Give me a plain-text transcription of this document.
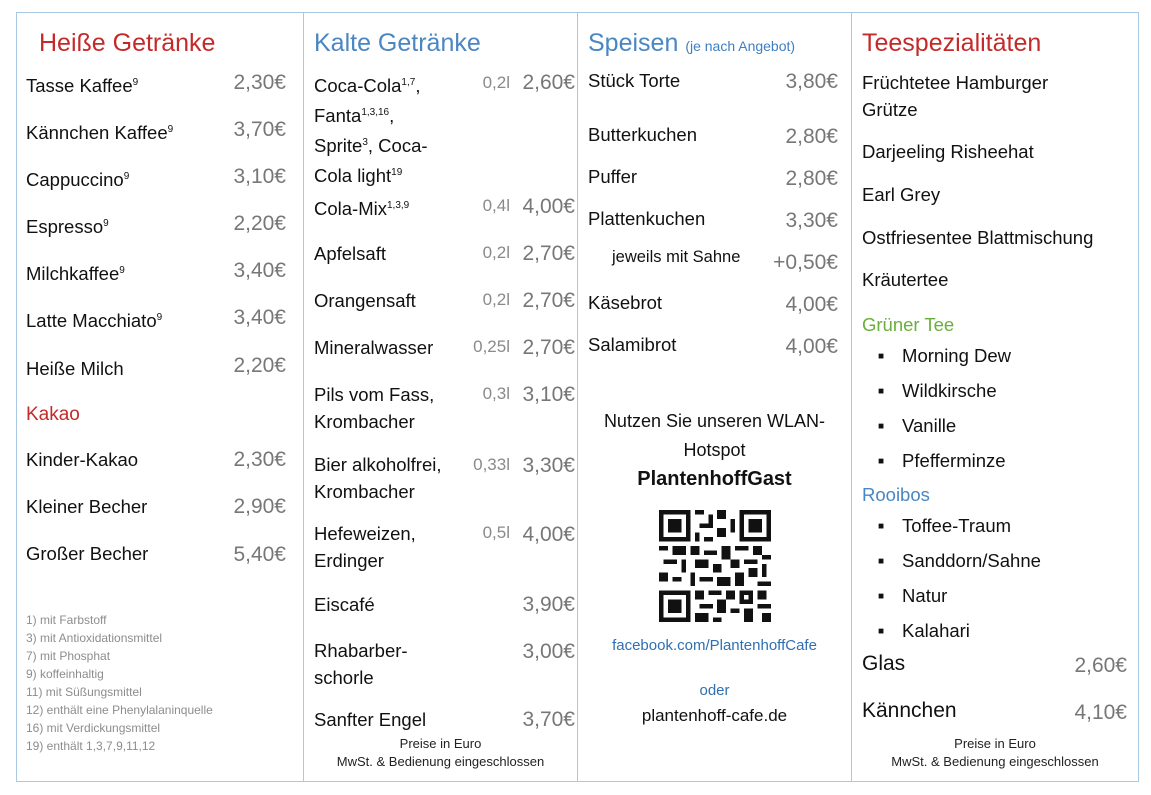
Heiße Getränke
Tasse Kaffee$^9$	2,30€
Kännchen Kaffee$^9$	3,70€
Cappuccino$^9$	3,10€
Espresso$^9$	2,20€
Milchkaffee$^9$	3,40€
Latte Macchiato$^9$	3,40€
Heiße Milch	2,20€
Kakao
Kinder-Kakao	2,30€
Kleiner Becher	2,90€
Großer Becher	5,40€
1) mit Farbstoff
3) mit Antioxidationsmittel
7) mit Phosphat
9) koffeinhaltig
11) mit Süßungsmittel
12) enthält eine Phenylalaninquelle
16) mit Verdickungsmittel
19) enthält 1,3,7,9,11,12
Kalte Getränke
Coca-Cola$^{1,7}$,
Fanta$^{1,3,16}$,
Sprite$^3$, Coca-
Cola light$^{19}$
0,2l 2,60€
Cola-Mix$^{1,3,9}$	0,4l 4,00€
Apfelsaft	0,2l 2,70€
Orangensaft	0,2l 2,70€
Mineralwasser 0,25l 2,70€
Pils vom Fass,
Krombacher
0,3l 3,10€
Bier alkoholfrei,
Krombacher
0,33l 3,30€
Hefeweizen,
Erdinger
0,5l 4,00€
Eiscafé	3,90€
Rhabarber-
schorle
3,00€
Sanfter Engel	3,70€
Preise in Euro
MwSt. & Bedienung eingeschlossen
Speisen (je nach Angebot)
Stück Torte	3,80€
Butterkuchen	2,80€
Puffer	2,80€
Plattenkuchen	3,30€
jeweils mit Sahne +0,50€
Käsebrot	4,00€
Salamibrot	4,00€
Nutzen Sie unseren WLAN-
Hotspot
PlantenhoffGast
facebook.com/PlantenhoffCafe
oder
plantenhoff-cafe.de
Teespezialitäten
Früchtetee Hamburger
Grütze
Darjeeling Risheehat
Earl Grey
Ostfriesentee Blattmischung
Kräutertee
Grüner Tee
■ Morning Dew
■ Wildkirsche
■ Vanille
■ Pfefferminze
Rooibos
■ Toffee-Traum
■ Sanddorn/Sahne
■ Natur
■ Kalahari
Glas	2,60€
Kännchen	4,10€
Preise in Euro
MwSt. & Bedienung eingeschlossen
